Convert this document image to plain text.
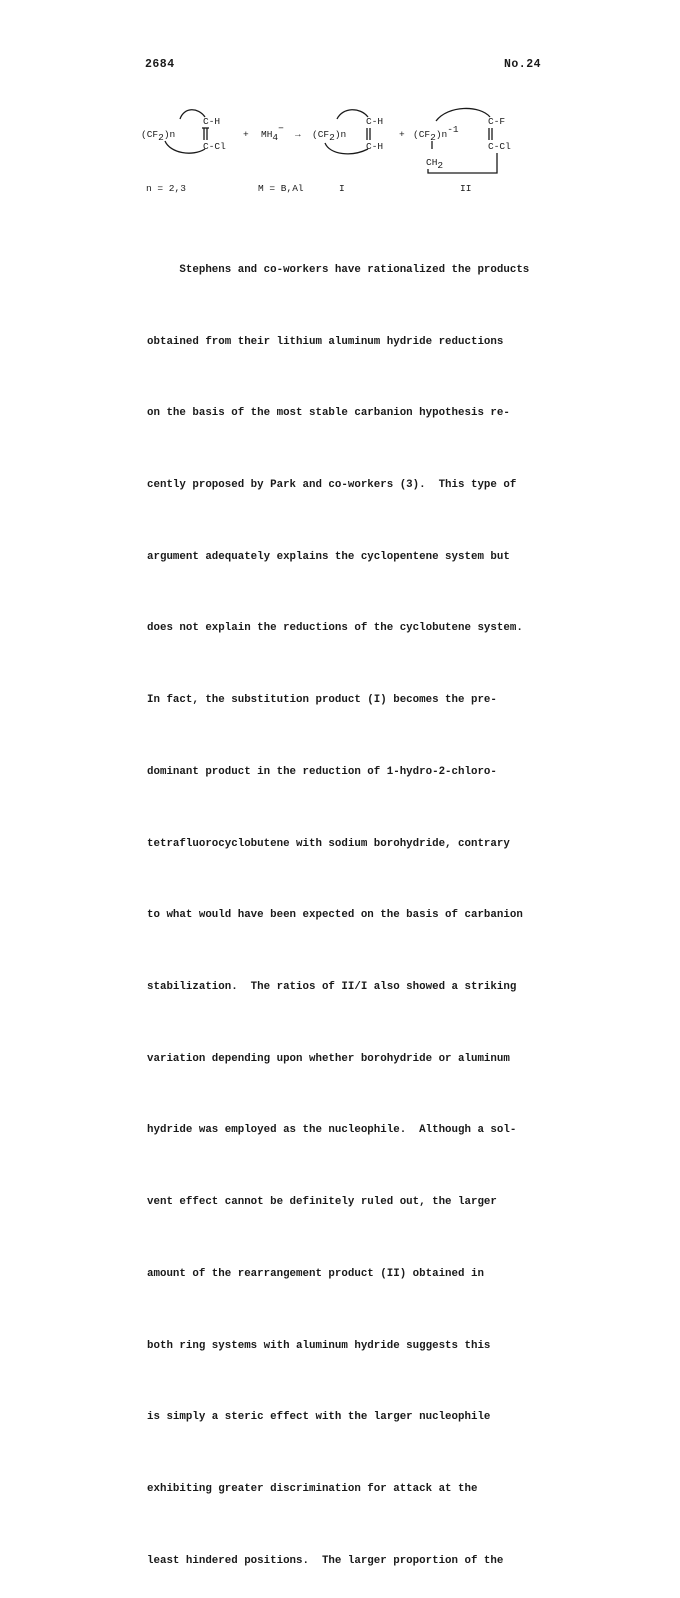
2684	No.24
(CF2)n
C-H
C-Cl
+ MH4−
→ (CF2)n
C-H
C-H
+ (CF2)n-1
C-F
C-Cl
CH2
n = 2,3	M = B,Al	I	II

Stephens and co-workers have rationalized the products

obtained from their lithium aluminum hydride reductions

on the basis of the most stable carbanion hypothesis re-

cently proposed by Park and co-workers (3).  This type of

argument adequately explains the cyclopentene system but

does not explain the reductions of the cyclobutene system.

In fact, the substitution product (I) becomes the pre-

dominant product in the reduction of 1-hydro-2-chloro-

tetrafluorocyclobutene with sodium borohydride, contrary

to what would have been expected on the basis of carbanion

stabilization.  The ratios of II/I also showed a striking

variation depending upon whether borohydride or aluminum

hydride was employed as the nucleophile.  Although a sol-

vent effect cannot be definitely ruled out, the larger

amount of the rearrangement product (II) obtained in

both ring systems with aluminum hydride suggests this

is simply a steric effect with the larger nucleophile

exhibiting greater discrimination for attack at the

least hindered positions.  The larger proportion of the
